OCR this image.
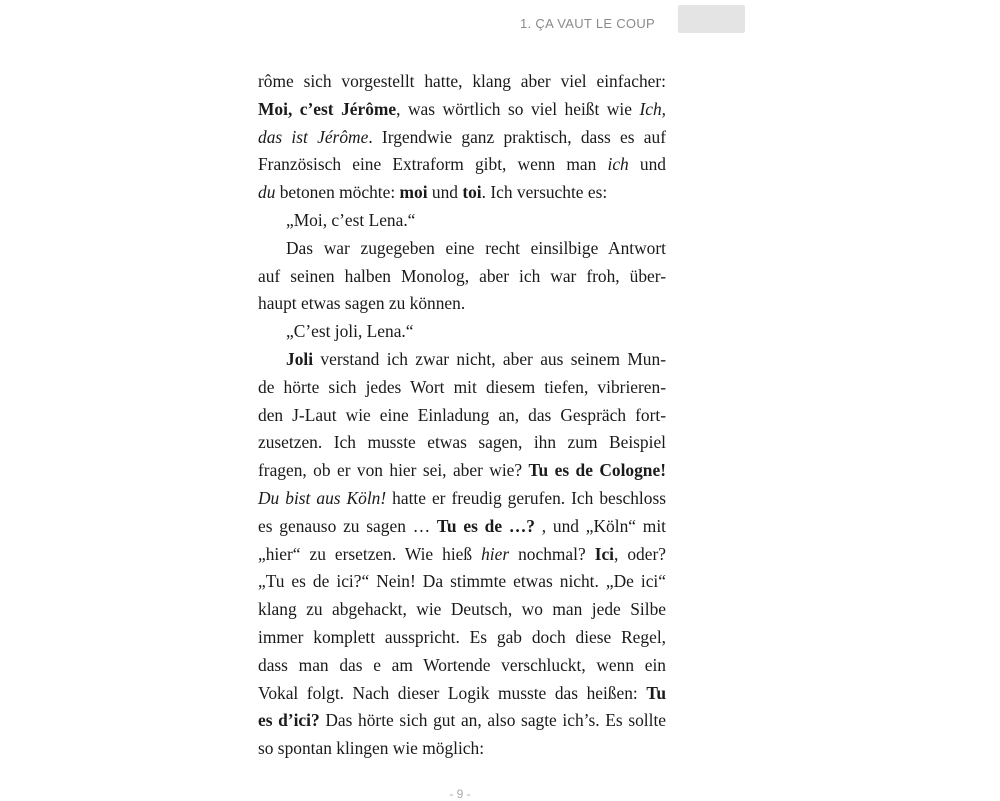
1. ÇA VAUT LE COUP
rôme sich vorgestellt hatte, klang aber viel einfacher:
Moi, c’est Jérôme, was wörtlich so viel heißt wie Ich,
das ist Jérôme. Irgendwie ganz praktisch, dass es auf
Französisch eine Extraform gibt, wenn man ich und
du betonen möchte: moi und toi. Ich versuchte es:
„Moi, c’est Lena.“
Das war zugegeben eine recht einsilbige Antwort
auf seinen halben Monolog, aber ich war froh, über-
haupt etwas sagen zu können.
„C’est joli, Lena.“
Joli verstand ich zwar nicht, aber aus seinem Mun-
de hörte sich jedes Wort mit diesem tiefen, vibrieren-
den J-Laut wie eine Einladung an, das Gespräch fort-
zusetzen. Ich musste etwas sagen, ihn zum Beispiel
fragen, ob er von hier sei, aber wie? Tu es de Cologne!
Du bist aus Köln! hatte er freudig gerufen. Ich beschloss
es genauso zu sagen … Tu es de …? , und „Köln“ mit
„hier“ zu ersetzen. Wie hieß hier nochmal? Ici, oder?
„Tu es de ici?“ Nein! Da stimmte etwas nicht. „De ici“
klang zu abgehackt, wie Deutsch, wo man jede Silbe
immer komplett ausspricht. Es gab doch diese Regel,
dass man das e am Wortende verschluckt, wenn ein
Vokal folgt. Nach dieser Logik musste das heißen: Tu
es d’ici? Das hörte sich gut an, also sagte ich’s. Es sollte
so spontan klingen wie möglich:
- 9 -
